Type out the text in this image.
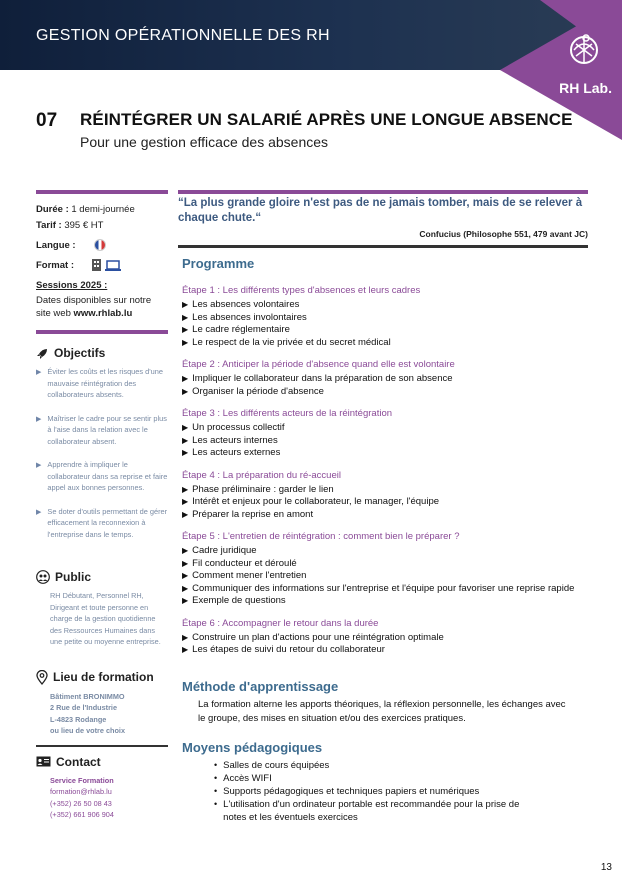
GESTION OPÉRATIONNELLE DES RH
RH Lab.
07 RÉINTÉGRER UN SALARIÉ APRÈS UNE LONGUE ABSENCE
Pour une gestion efficace des absences
Durée : 1 demi-journée
Tarif : 395 € HT
Langue :
Format :
Sessions 2025 :
Dates disponibles sur notre site web www.rhlab.lu
Objectifs
▶ Éviter les coûts et les risques d'une mauvaise réintégration des collaborateurs absents.
▶ Maîtriser le cadre pour se sentir plus à l'aise dans la relation avec le collaborateur absent.
▶ Apprendre à impliquer le collaborateur dans sa reprise et faire appel aux bonnes personnes.
▶ Se doter d'outils permettant de gérer efficacement la reconnexion à l'entreprise dans le temps.
Public
RH Débutant, Personnel RH, Dirigeant et toute personne en charge de la gestion quotidienne des Ressources Humaines dans une petite ou moyenne entreprise.
Lieu de formation
Bâtiment BRONIMMO
2 Rue de l'Industrie
L-4823 Rodange
ou lieu de votre choix
Contact
Service Formation
formation@rhlab.lu
(+352) 26 50 08 43
(+352) 661 906 904
“La plus grande gloire n'est pas de ne jamais tomber, mais de se relever à chaque chute.“
Confucius (Philosophe 551, 479 avant JC)
Programme
Étape 1 : Les différents types d'absences et leurs cadres
▶ Les absences volontaires
▶ Les absences involontaires
▶ Le cadre réglementaire
▶ Le respect de la vie privée et du secret médical
Étape 2 : Anticiper la période d'absence quand elle est volontaire
▶ Impliquer le collaborateur dans la préparation de son absence
▶ Organiser la période d'absence
Étape 3 : Les différents acteurs de la réintégration
▶ Un processus collectif
▶ Les acteurs internes
▶ Les acteurs externes
Étape 4 : La préparation du ré-accueil
▶ Phase préliminaire : garder le lien
▶ Intérêt et enjeux pour le collaborateur, le manager, l'équipe
▶ Préparer la reprise en amont
Étape 5 : L'entretien de réintégration : comment bien le préparer ?
▶ Cadre juridique
▶ Fil conducteur et déroulé
▶ Comment mener l'entretien
▶ Communiquer des informations sur l'entreprise et l'équipe pour favoriser une reprise rapide
▶ Exemple de questions
Étape 6 : Accompagner le retour dans la durée
▶ Construire un plan d'actions pour une réintégration optimale
▶ Les étapes de suivi du retour du collaborateur
Méthode d'apprentissage
La formation alterne les apports théoriques, la réflexion personnelle, les échanges avec le groupe, des mises en situation et/ou des exercices pratiques.
Moyens pédagogiques
• Salles de cours équipées
• Accès WIFI
• Supports pédagogiques et techniques papiers et numériques
• L'utilisation d'un ordinateur portable est recommandée pour la prise de notes et les éventuels exercices
13
